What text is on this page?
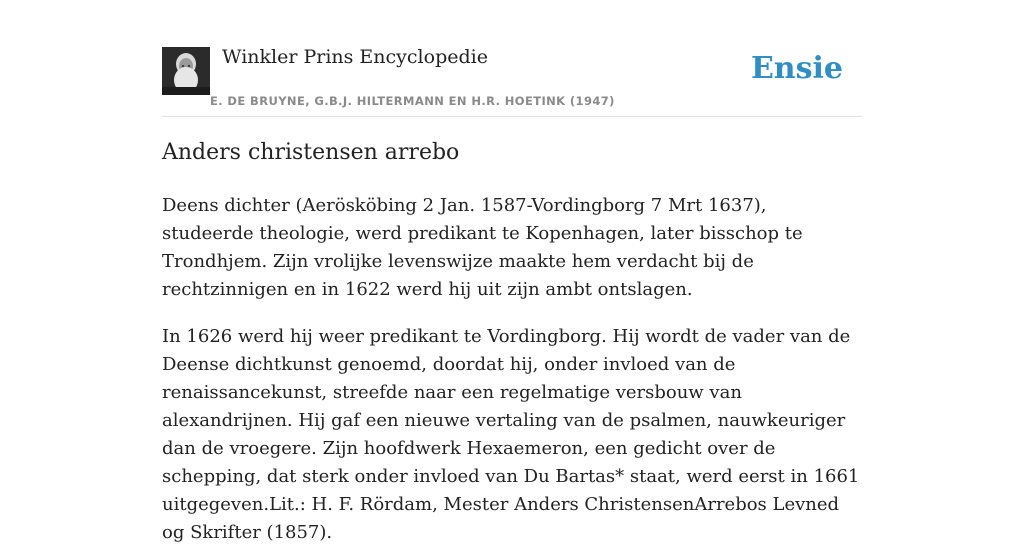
Winkler Prins Encyclopedie
E. DE BRUYNE, G.B.J. HILTERMANN EN H.R. HOETINK (1947)
Ensie
Anders christensen arrebo

Deens dichter (Aerösköbing 2 Jan. 1587-Vordingborg 7 Mrt 1637), studeerde theologie, werd predikant te Kopenhagen, later bisschop te Trondhjem. Zijn vrolijke levenswijze maakte hem verdacht bij de rechtzinnigen en in 1622 werd hij uit zijn ambt ontslagen.

In 1626 werd hij weer predikant te Vordingborg. Hij wordt de vader van de Deense dichtkunst genoemd, doordat hij, onder invloed van de renaissancekunst, streefde naar een regelmatige versbouw van alexandrijnen. Hij gaf een nieuwe vertaling van de psalmen, nauwkeuriger dan de vroegere. Zijn hoofdwerk Hexaemeron, een gedicht over de schepping, dat sterk onder invloed van Du Bartas* staat, werd eerst in 1661 uitgegeven.Lit.: H. F. Rördam, Mester Anders ChristensenArrebos Levned og Skrifter (1857).
